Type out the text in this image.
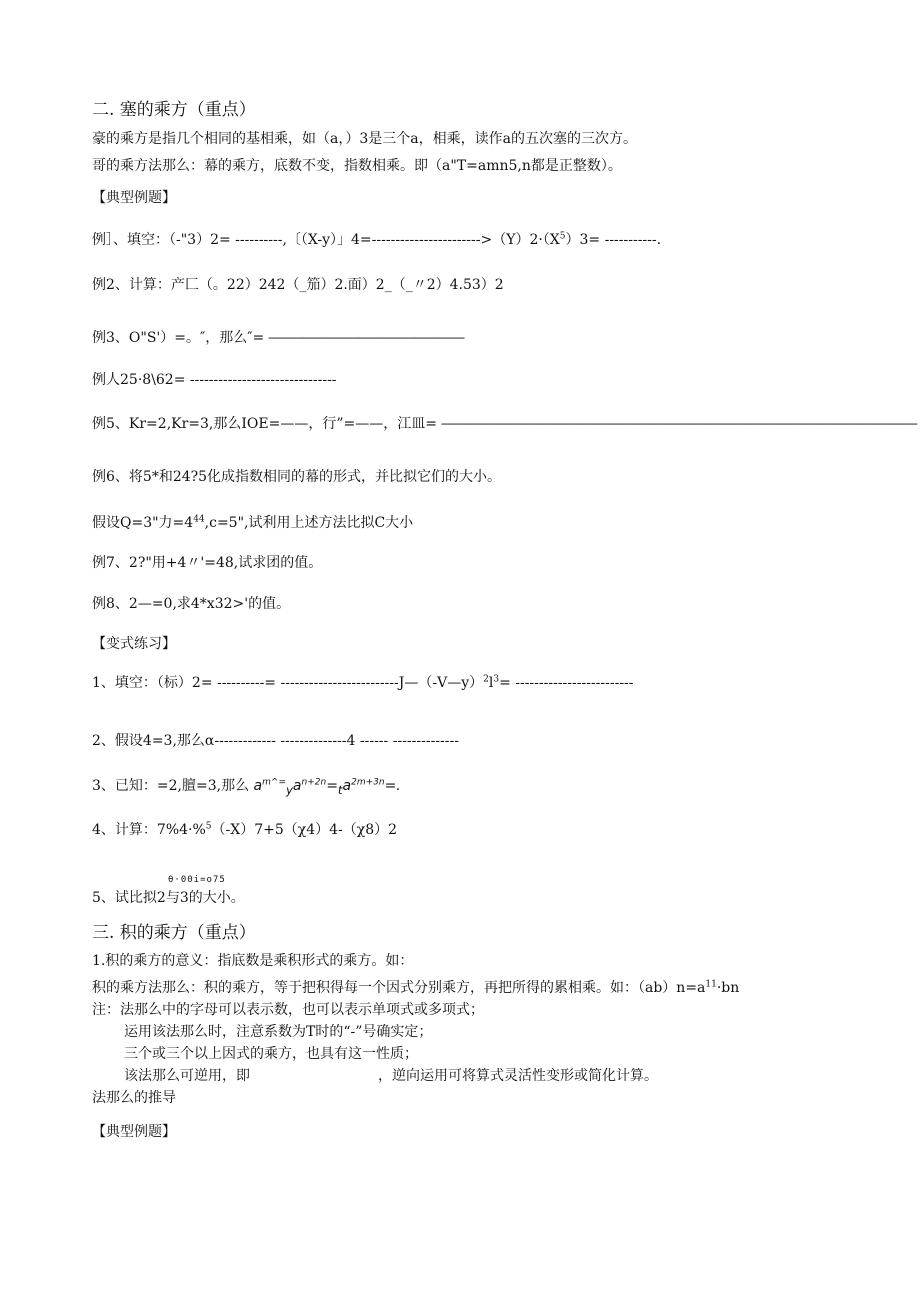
二. 塞的乘方（重点）
豪的乘方是指几个相同的基相乘，如（a，）3是三个a，相乘，读作a的五次塞的三次方。
哥的乘方法那么：幕的乘方，底数不变，指数相乘。即（a"T=amn5,n都是正整数）。
【典型例题】
例］、填空：（-"3）2= ----------,〔（X-y）」$4=----------------------->(Y)2\cdot(X^5)3=$ -----------.
例2、计算：产匚（。22）242（_笳）2.面）2_（_〃2）4.53）2
例3、O"S'）=。″，那么″= ――――――――――――――
例人25·8\62= -------------------------------
例5、Kr=2,Kr=3,那么IOE=——，行”=——，江皿= ――――――――――――――――――――――――――――――――――
例6、将5*和24?5化成指数相同的幕的形式，并比拟它们的大小。
假设Q=3"力$=4^{44},c=5$",试利用上述方法比拟C大小
例7、2?"用+4〃'=48,试求团的值。
例8、2—=0,求4*x32>'的值。
【变式练习】
1、填空：（标）2= ----------= $-------------------------J—(-V—y)^2l^3=$ -------------------------
2、假设4=3,那么α------------- --------------4 ------ --------------
3、已知：=2,膻=3,那么 $a^{m\^{}=}_ya^{n+2n}=_ta^{2m+3n}=$.
4、计算：7%4·%$^5$（-X）7+5（χ4）4-（χ8）2
θ·00i=o75
5、试比拟2与3的大小。
三. 积的乘方（重点）
1.积的乘方的意义：指底数是乘积形式的乘方。如：
积的乘方法那么：积的乘方，等于把积得每一个因式分别乘方，再把所得的累相乘。如：$(ab)n=a^{11}\cdot bn$
注：法那么中的字母可以表示数，也可以表示单项式或多项式；
运用该法那么时，注意系数为T时的“-”号确实定；
三个或三个以上因式的乘方，也具有这一性质；
该法那么可逆用，即	，逆向运用可将算式灵活性变形或简化计算。
法那么的推导
【典型例题】
